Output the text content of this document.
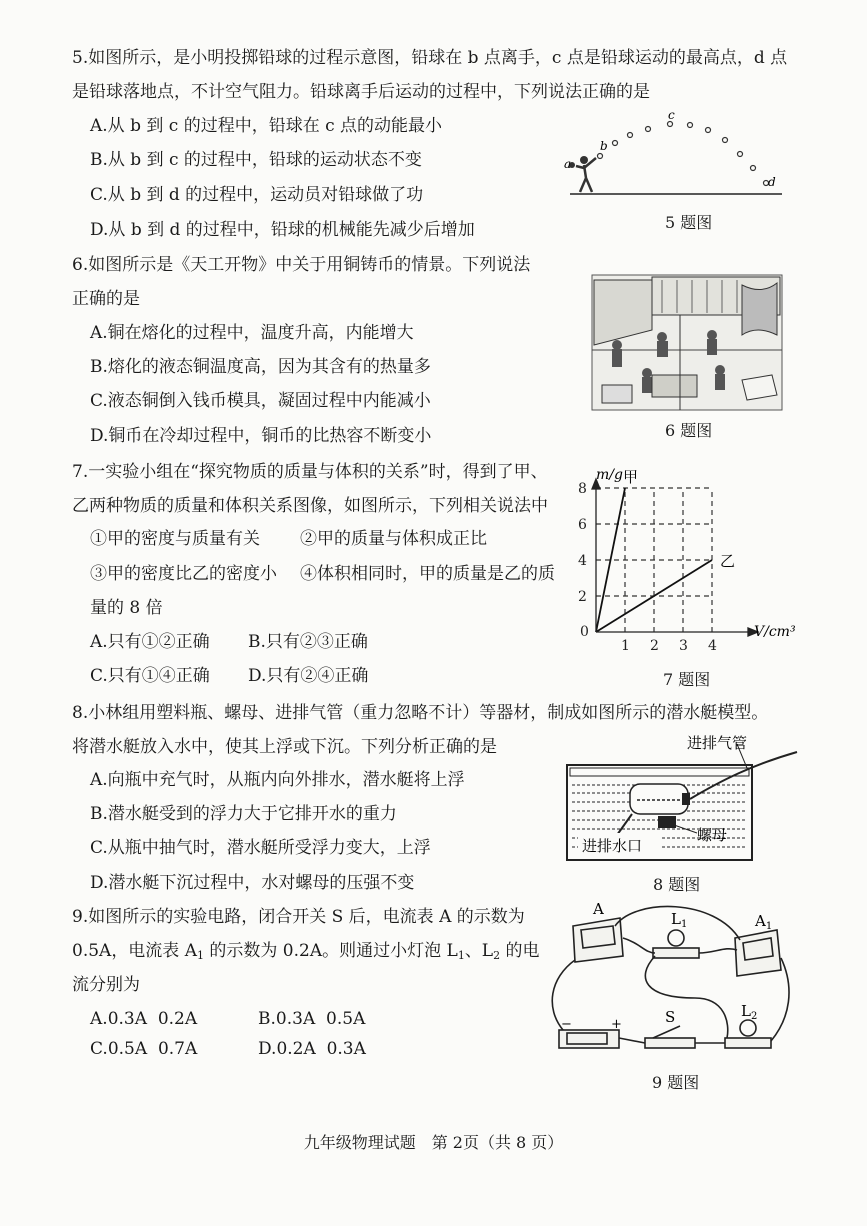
5.如图所示，是小明投掷铅球的过程示意图，铅球在 b 点离手，c 点是铅球运动的最高点，d 点
是铅球落地点，不计空气阻力。铅球离手后运动的过程中，下列说法正确的是
A.从 b 到 c 的过程中，铅球在 c 点的动能最小
B.从 b 到 c 的过程中，铅球的运动状态不变
C.从 b 到 d 的过程中，运动员对铅球做了功
D.从 b 到 d 的过程中，铅球的机械能先减少后增加
a
b
c
d
5 题图
6.如图所示是《天工开物》中关于用铜铸币的情景。下列说法
正确的是
A.铜在熔化的过程中，温度升高，内能增大
B.熔化的液态铜温度高，因为其含有的热量多
C.液态铜倒入钱币模具，凝固过程中内能减小
D.铜币在冷却过程中，铜币的比热容不断变小	6 题图
7.一实验小组在“探究物质的质量与体积的关系”时，得到了甲、
乙两种物质的质量和体积关系图像，如图所示，下列相关说法中
①甲的密度与质量有关 ②甲的质量与体积成正比
③甲的密度比乙的密度小 ④体积相同时，甲的质量是乙的质
量的 8 倍
A.只有①②正确 B.只有②③正确
C.只有①④正确 D.只有②④正确
0
1 2 3 4
2
4
6
8
m/g
V/cm³
甲
乙
7 题图
8.小林组用塑料瓶、螺母、进排气管（重力忽略不计）等器材，制成如图所示的潜水艇模型。
将潜水艇放入水中，使其上浮或下沉。下列分析正确的是
A.向瓶中充气时，从瓶内向外排水，潜水艇将上浮
B.潜水艇受到的浮力大于它排开水的重力
C.从瓶中抽气时，潜水艇所受浮力变大，上浮
D.潜水艇下沉过程中，水对螺母的压强不变
进排气管
螺母
进排水口
8 题图
9.如图所示的实验电路，闭合开关 S 后，电流表 A 的示数为
0.5A，电流表 $A_1$ 的示数为 0.2A。则通过小灯泡 $L_1$、$L_2$ 的电
流分别为
A.0.3A 0.2A	B.0.3A 0.5A
C.0.5A 0.7A	D.0.2A 0.3A
A
$A_1$
$L_1$
$L_2$
S
−	+
9 题图
九年级物理试题　第 2页（共 8 页）
